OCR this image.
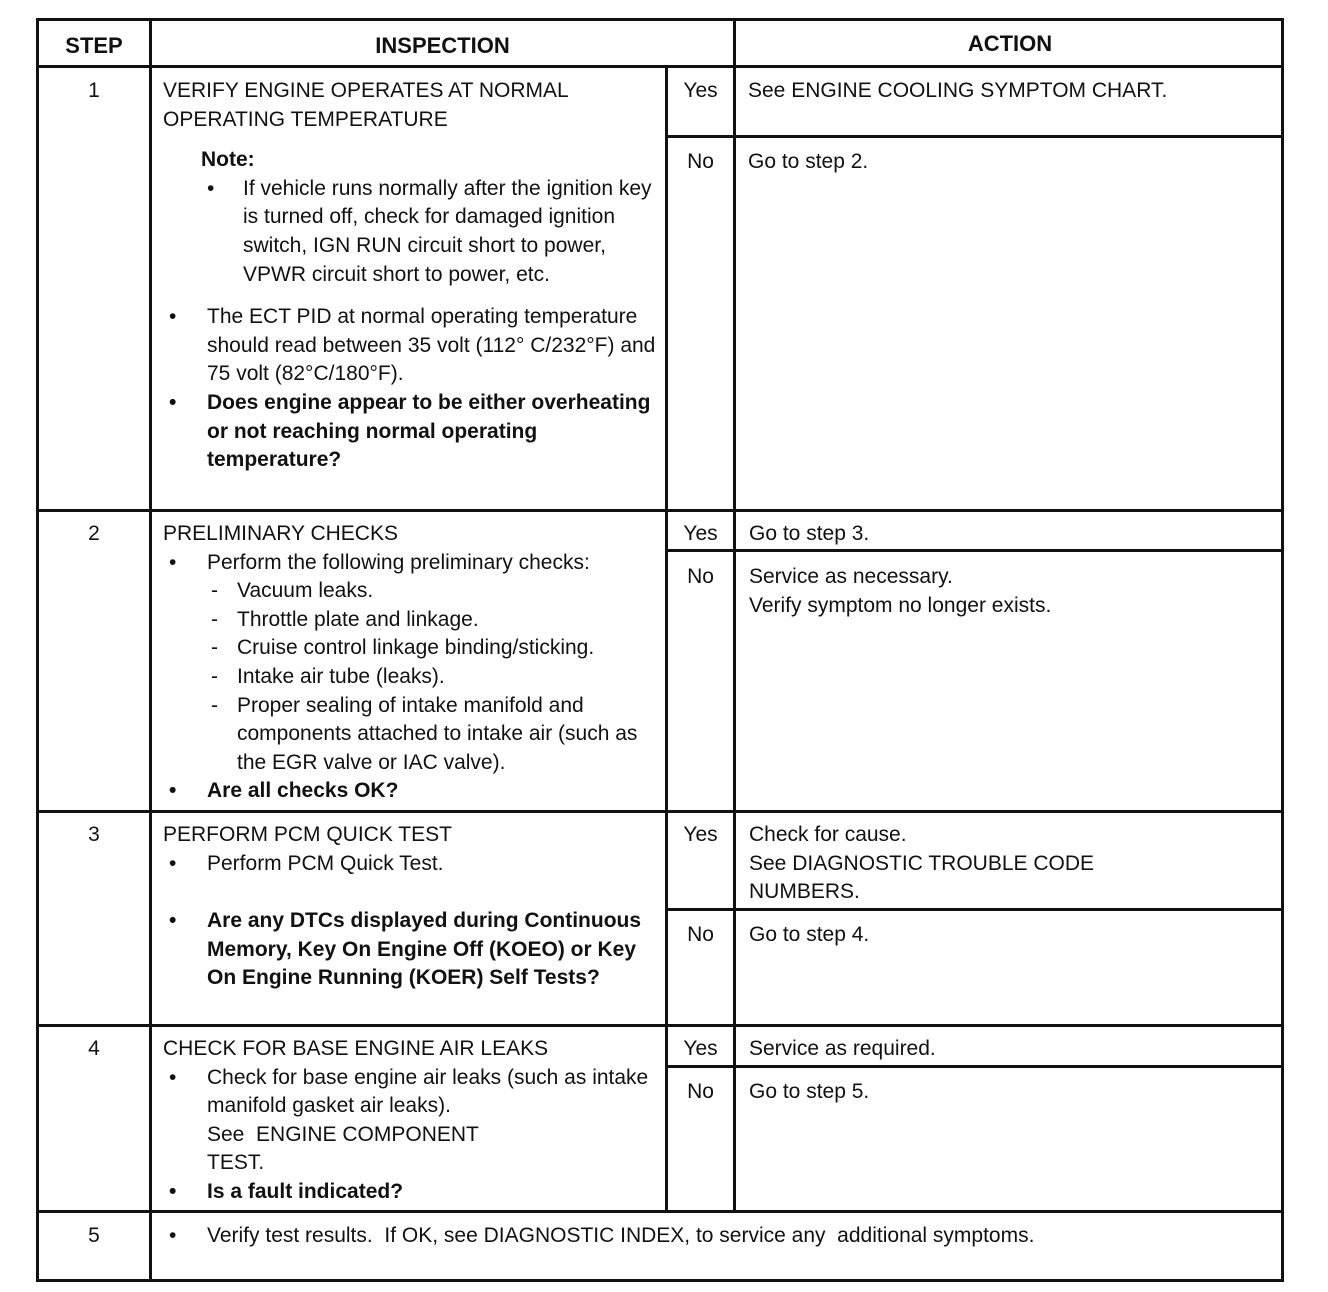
STEP	INSPECTION	ACTION
1	VERIFY ENGINE OPERATES AT NORMAL OPERATING TEMPERATURE
Note:
• If vehicle runs normally after the ignition key is turned off, check for damaged ignition switch, IGN RUN circuit short to power, VPWR circuit short to power, etc.
• The ECT PID at normal operating temperature should read between 35 volt (112° C/232°F) and 75 volt (82°C/180°F).
• Does engine appear to be either overheating or not reaching normal operating temperature?
Yes	See ENGINE COOLING SYMPTOM CHART.
No	Go to step 2.
2	PRELIMINARY CHECKS
• Perform the following preliminary checks:
- Vacuum leaks.
- Throttle plate and linkage.
- Cruise control linkage binding/sticking.
- Intake air tube (leaks).
- Proper sealing of intake manifold and components attached to intake air (such as the EGR valve or IAC valve).
• Are all checks OK?
Yes	Go to step 3.
No	Service as necessary.
Verify symptom no longer exists.
3	PERFORM PCM QUICK TEST
• Perform PCM Quick Test.
• Are any DTCs displayed during Continuous Memory, Key On Engine Off (KOEO) or Key On Engine Running (KOER) Self Tests?
Yes	Check for cause.
See DIAGNOSTIC TROUBLE CODE NUMBERS.
No	Go to step 4.
4	CHECK FOR BASE ENGINE AIR LEAKS
• Check for base engine air leaks (such as intake manifold gasket air leaks).
See  ENGINE COMPONENT
TEST.
• Is a fault indicated?
Yes	Service as required.
No	Go to step 5.
5
•	Verify test results.  If OK, see DIAGNOSTIC INDEX, to service any  additional symptoms.
